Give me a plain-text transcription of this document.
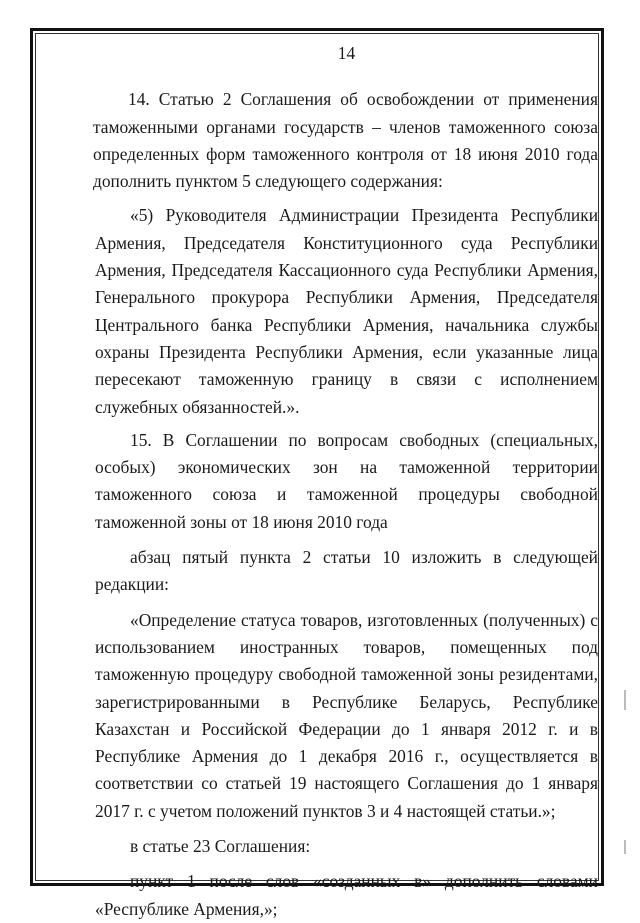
14

14. Статью 2 Соглашения об освобождении от применения таможенными органами государств – членов таможенного союза определенных форм таможенного контроля от 18 июня 2010 года дополнить пунктом 5 следующего содержания:

«5) Руководителя Администрации Президента Республики Армения, Председателя Конституционного суда Республики Армения, Председателя Кассационного суда Республики Армения, Генерального прокурора Республики Армения, Председателя Центрального банка Республики Армения, начальника службы охраны Президента Республики Армения, если указанные лица пересекают таможенную границу в связи с исполнением служебных обязанностей.».

15. В Соглашении по вопросам свободных (специальных, особых) экономических зон на таможенной территории таможенного союза и таможенной процедуры свободной таможенной зоны от 18 июня 2010 года

абзац пятый пункта 2 статьи 10 изложить в следующей редакции:

«Определение статуса товаров, изготовленных (полученных) с использованием иностранных товаров, помещенных под таможенную процедуру свободной таможенной зоны резидентами, зарегистрированными в Республике Беларусь, Республике Казахстан и Российской Федерации до 1 января 2012 г. и в Республике Армения до 1 декабря 2016 г., осуществляется в соответствии со статьей 19 настоящего Соглашения до 1 января 2017 г. с учетом положений пунктов 3 и 4 настоящей статьи.»;

в статье 23 Соглашения:

пункт 1 после слов «созданных в» дополнить словами «Республике Армения,»;
